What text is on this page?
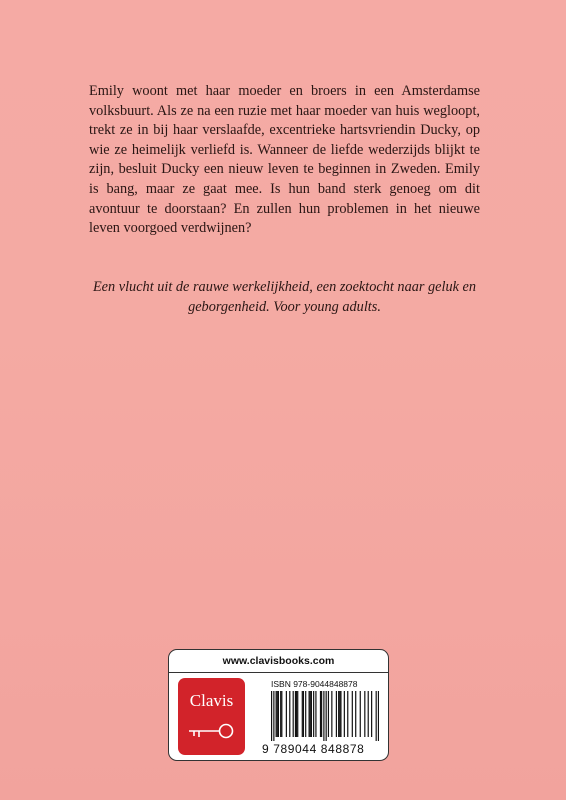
Emily woont met haar moeder en broers in een Amsterdamse volksbuurt. Als ze na een ruzie met haar moeder van huis wegloopt, trekt ze in bij haar verslaafde, excentrieke hartsvriendin Ducky, op wie ze heimelijk verliefd is. Wanneer de liefde wederzijds blijkt te zijn, besluit Ducky een nieuw leven te beginnen in Zweden. Emily is bang, maar ze gaat mee. Is hun band sterk genoeg om dit avontuur te doorstaan? En zullen hun problemen in het nieuwe leven voorgoed verdwijnen?

Een vlucht uit de rauwe werkelijkheid, een zoektocht naar geluk en geborgenheid. Voor young adults.

www.clavisbooks.com
Clavis
ISBN 978-9044848878
9 789044 848878
